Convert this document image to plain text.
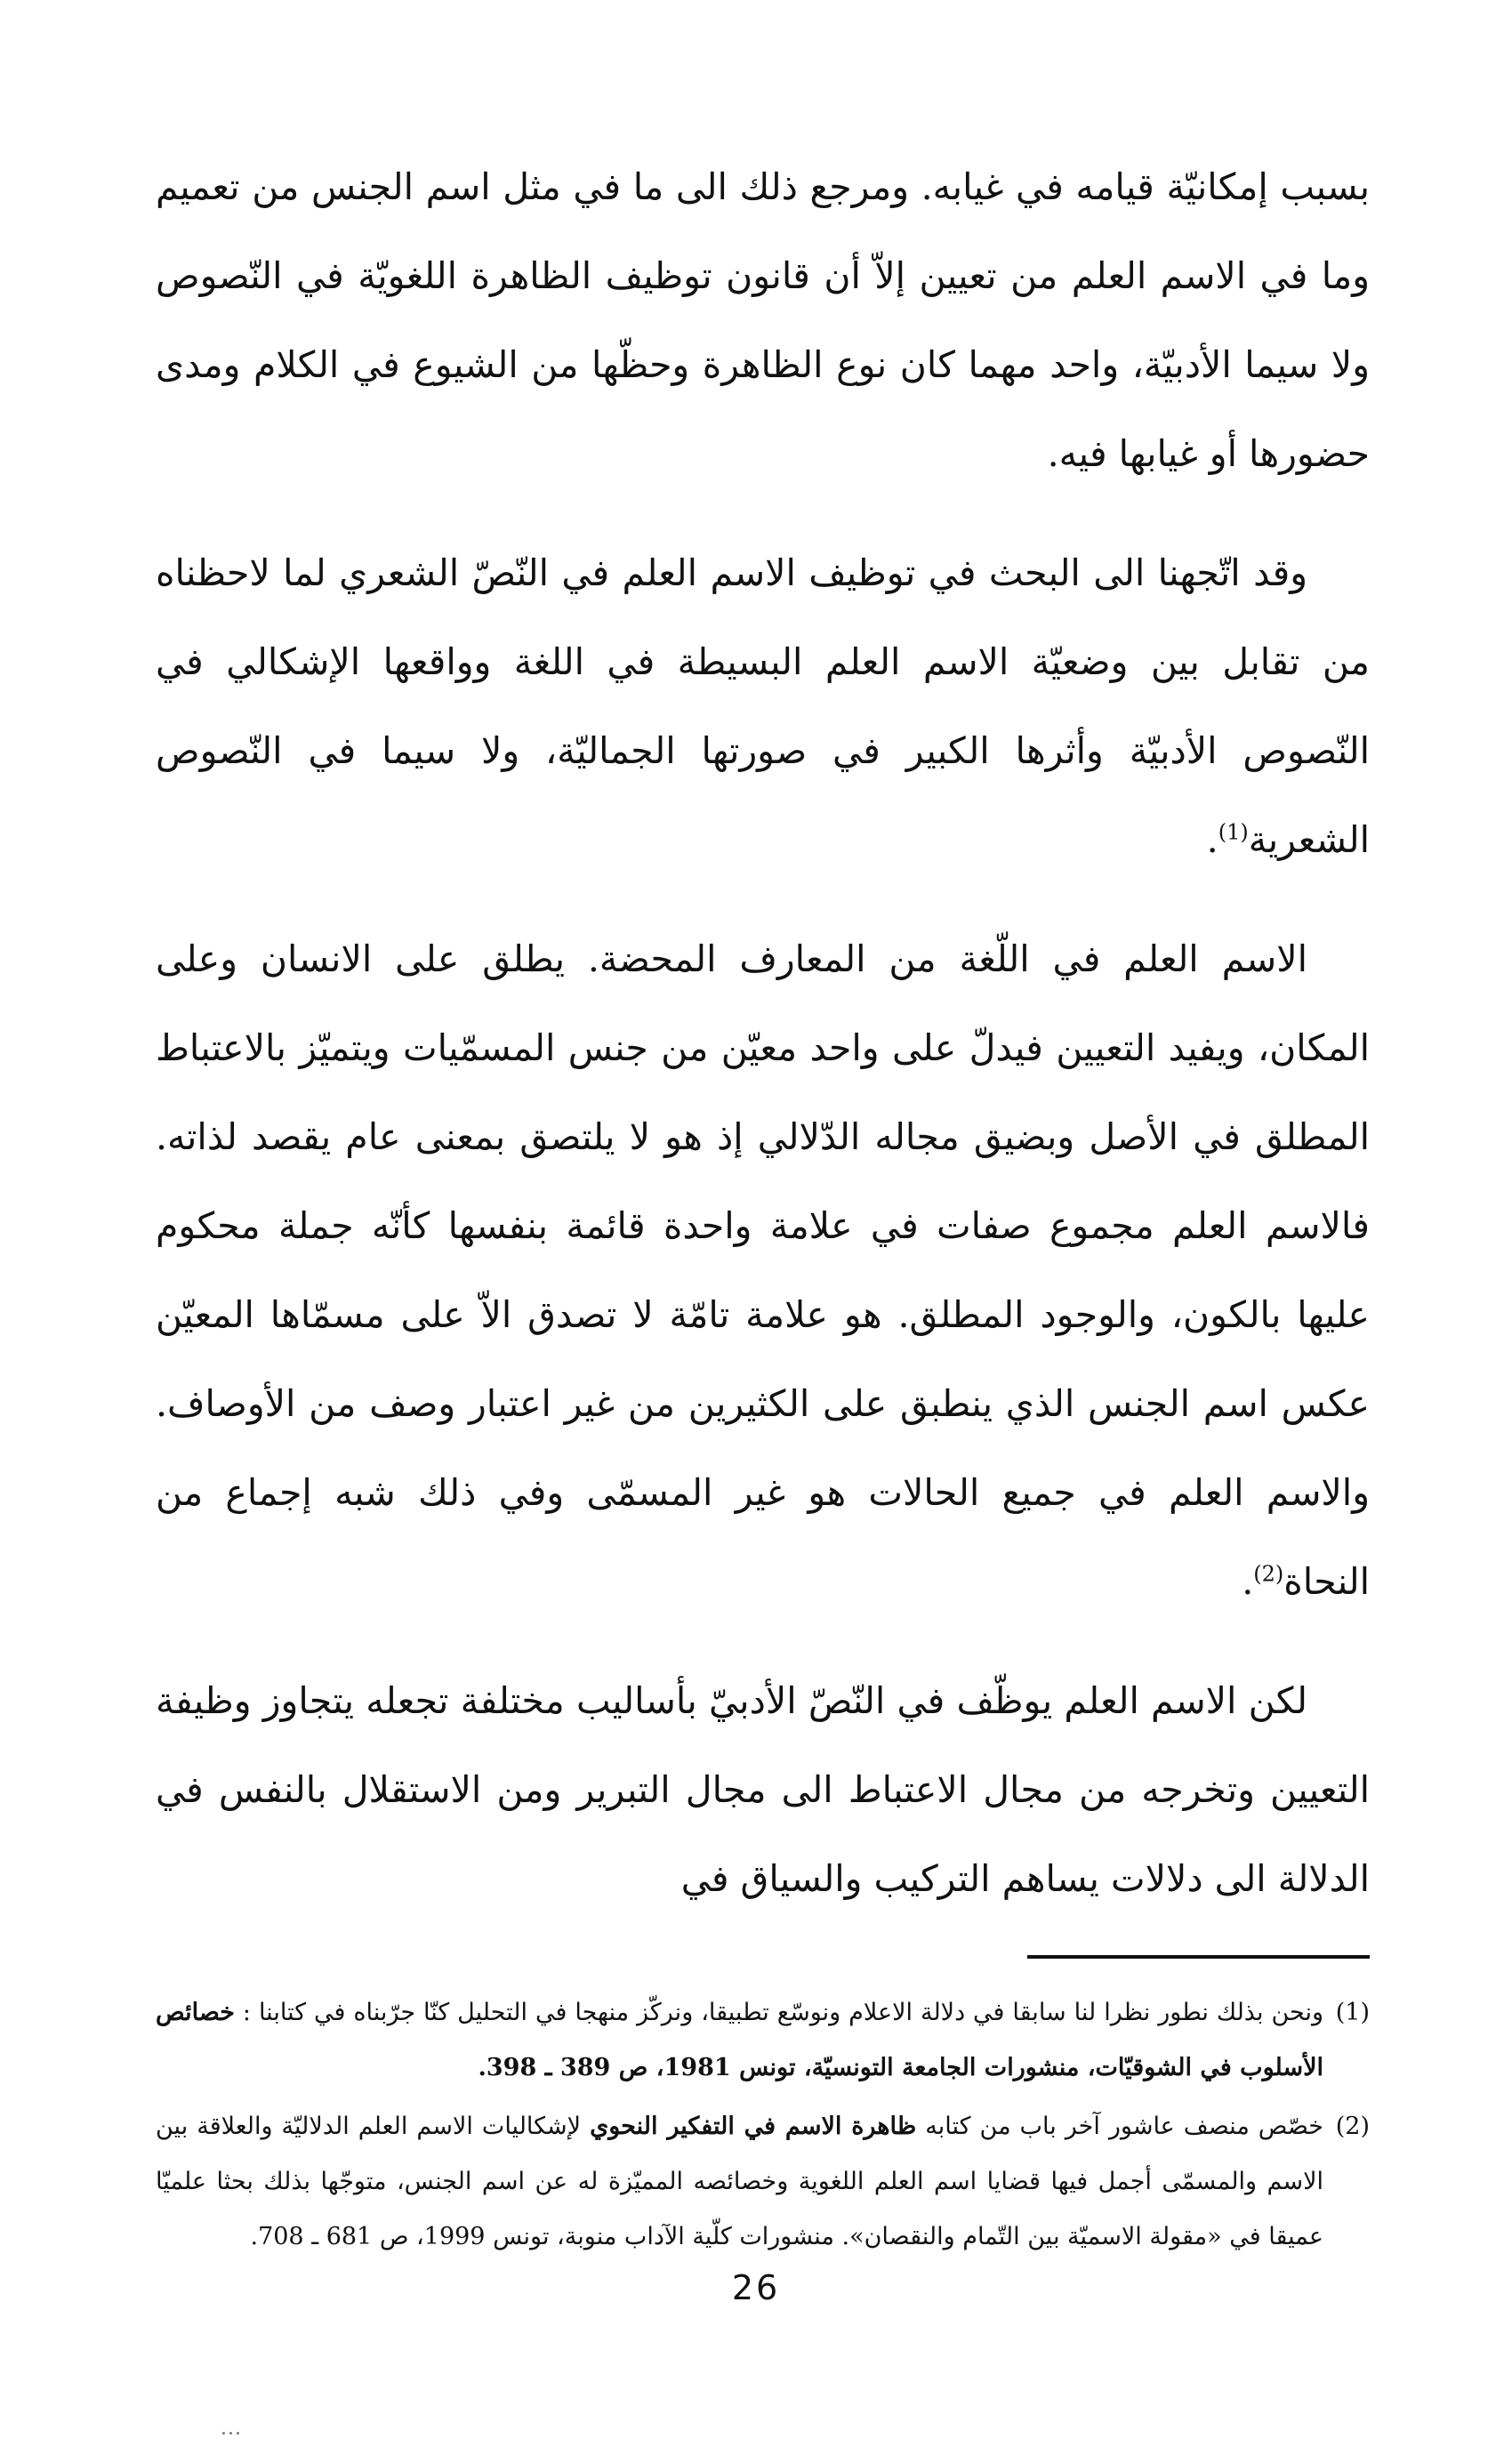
بسبب إمكانيّة قيامه في غيابه. ومرجع ذلك الى ما في مثل اسم الجنس من تعميم وما في الاسم العلم من تعيين إلاّ أن قانون توظيف الظاهرة اللغويّة في النّصوص ولا سيما الأدبيّة، واحد مهما كان نوع الظاهرة وحظّها من الشيوع في الكلام ومدى حضورها أو غيابها فيه.

وقد اتّجهنا الى البحث في توظيف الاسم العلم في النّصّ الشعري لما لاحظناه من تقابل بين وضعيّة الاسم العلم البسيطة في اللغة وواقعها الإشكالي في النّصوص الأدبيّة وأثرها الكبير في صورتها الجماليّة، ولا سيما في النّصوص الشعرية$^{(1)}$.

الاسم العلم في اللّغة من المعارف المحضة. يطلق على الانسان وعلى المكان، ويفيد التعيين فيدلّ على واحد معيّن من جنس المسمّيات ويتميّز بالاعتباط المطلق في الأصل وبضيق مجاله الدّلالي إذ هو لا يلتصق بمعنى عام يقصد لذاته. فالاسم العلم مجموع صفات في علامة واحدة قائمة بنفسها كأنّه جملة محكوم عليها بالكون، والوجود المطلق. هو علامة تامّة لا تصدق الاّ على مسمّاها المعيّن عكس اسم الجنس الذي ينطبق على الكثيرين من غير اعتبار وصف من الأوصاف. والاسم العلم في جميع الحالات هو غير المسمّى وفي ذلك شبه إجماع من النحاة$^{(2)}$.

لكن الاسم العلم يوظّف في النّصّ الأدبيّ بأساليب مختلفة تجعله يتجاوز وظيفة التعيين وتخرجه من مجال الاعتباط الى مجال التبرير ومن الاستقلال بالنفس في الدلالة الى دلالات يساهم التركيب والسياق في

(1)
ونحن بذلك نطور نظرا لنا سابقا في دلالة الاعلام ونوسّع تطبيقا، ونركّز منهجا في التحليل كنّا جرّبناه في كتابنا : خصائص الأسلوب في الشوقيّات، منشورات الجامعة التونسيّة، تونس 1981، ص 389 ـ 398.

(2)
خصّص منصف عاشور آخر باب من كتابه ظاهرة الاسم في التفكير النحوي لإشكاليات الاسم العلم الدلاليّة والعلاقة بين الاسم والمسمّى أجمل فيها قضايا اسم العلم اللغوية وخصائصه المميّزة له عن اسم الجنس، متوجّها بذلك بحثا علميّا عميقا في «مقولة الاسميّة بين التّمام والنقصان». منشورات كلّية الآداب منوبة، تونس 1999، ص 681 ـ 708.

26
